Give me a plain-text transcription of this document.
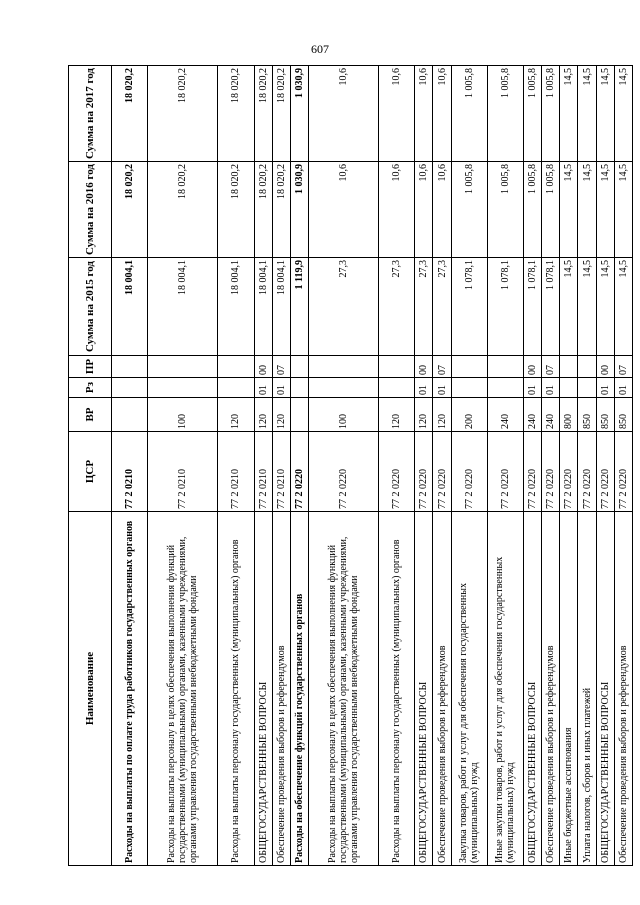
607
Наименование	ЦСР	ВР	Рз	ПР	Сумма на 2015 год	Сумма на 2016 год	Сумма на 2017 год
Расходы на выплаты по оплате труда работников государственных органов	77 2 0210				18 004,1	18 020,2	18 020,2
Расходы на выплаты персоналу в целях обеспечения выполнения функций государственными (муниципальными) органами, казенными учреждениями, органами управления государственными внебюджетными фондами	77 2 0210	100			18 004,1	18 020,2	18 020,2
Расходы на выплаты персоналу государственных (муниципальных) органов	77 2 0210	120			18 004,1	18 020,2	18 020,2
ОБЩЕГОСУДАРСТВЕННЫЕ ВОПРОСЫ	77 2 0210	120	01	00	18 004,1	18 020,2	18 020,2
Обеспечение проведения выборов и референдумов	77 2 0210	120	01	07	18 004,1	18 020,2	18 020,2
Расходы на обеспечение функций государственных органов	77 2 0220				1 119,9	1 030,9	1 030,9
Расходы на выплаты персоналу в целях обеспечения выполнения функций государственными (муниципальными) органами, казенными учреждениями, органами управления государственными внебюджетными фондами	77 2 0220	100			27,3	10,6	10,6
Расходы на выплаты персоналу государственных (муниципальных) органов	77 2 0220	120			27,3	10,6	10,6
ОБЩЕГОСУДАРСТВЕННЫЕ ВОПРОСЫ	77 2 0220	120	01	00	27,3	10,6	10,6
Обеспечение проведения выборов и референдумов	77 2 0220	120	01	07	27,3	10,6	10,6
Закупка товаров, работ и услуг для обеспечения государственных (муниципальных) нужд	77 2 0220	200			1 078,1	1 005,8	1 005,8
Иные закупки товаров, работ и услуг для обеспечения государственных (муниципальных) нужд	77 2 0220	240			1 078,1	1 005,8	1 005,8
ОБЩЕГОСУДАРСТВЕННЫЕ ВОПРОСЫ	77 2 0220	240	01	00	1 078,1	1 005,8	1 005,8
Обеспечение проведения выборов и референдумов	77 2 0220	240	01	07	1 078,1	1 005,8	1 005,8
Иные бюджетные ассигнования	77 2 0220	800			14,5	14,5	14,5
Уплата налогов, сборов и иных платежей	77 2 0220	850			14,5	14,5	14,5
ОБЩЕГОСУДАРСТВЕННЫЕ ВОПРОСЫ	77 2 0220	850	01	00	14,5	14,5	14,5
Обеспечение проведения выборов и референдумов	77 2 0220	850	01	07	14,5	14,5	14,5
